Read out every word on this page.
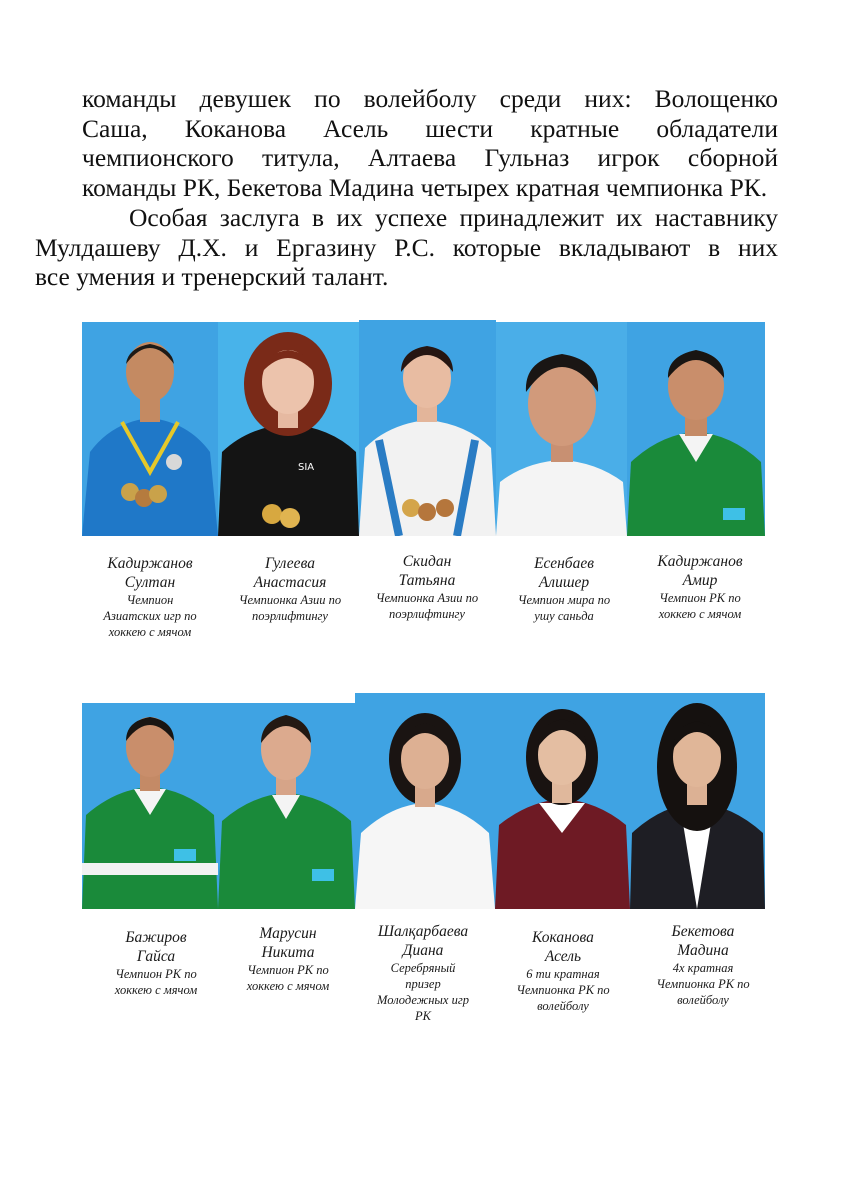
команды девушек по волейболу среди них: Волощенко
Саша, Коканова Асель шести кратные обладатели
чемпионского титула, Алтаева Гульназ игрок сборной
команды РК, Бекетова Мадина четырех кратная чемпионка РК.
Особая заслуга в их успехе принадлежит их наставнику
Мулдашеву Д.Х. и Ергазину Р.С. которые вкладывают в них
все умения и тренерский талант.
SIA
Кадиржанов
Султан
Чемпион
Азиатских игр по
хоккею с мячом
Гулеева
Анастасия
Чемпионка Азии по
поэрлифтингу
Скидан
Татьяна
Чемпионка Азии по
поэрлифтингу
Есенбаев
Алишер
Чемпион мира по
ушу саньда
Кадиржанов
Амир
Чемпион РК по
хоккею с мячом
Бажиров
Гайса
Чемпион РК по
хоккею с мячом
Марусин
Никита
Чемпион РК по
хоккею с мячом
Шалқарбаева
Диана
Серебряный
призер
Молодежных игр
РК
Коканова
Асель
6 ти кратная
Чемпионка РК по
волейболу
Бекетова
Мадина
4х кратная
Чемпионка РК по
волейболу
